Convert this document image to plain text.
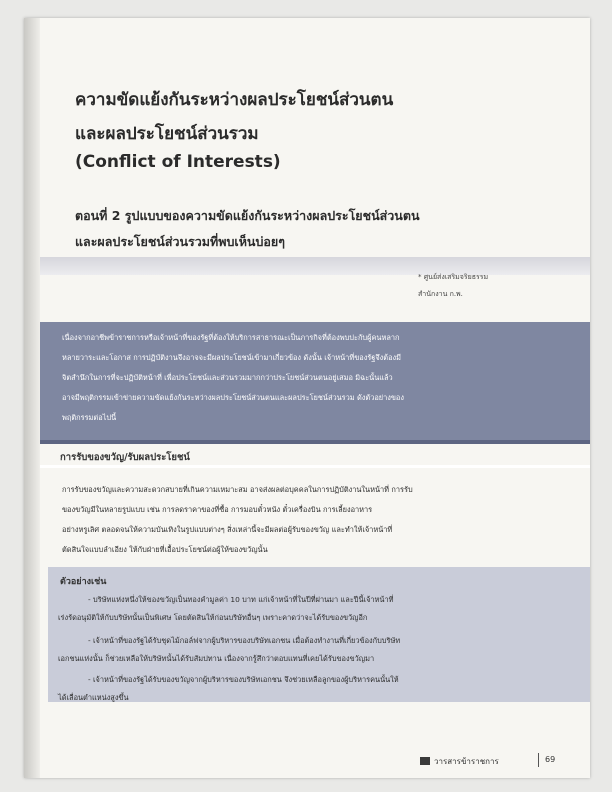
ความขัดแย้งกันระหว่างผลประโยชน์ส่วนตน
และผลประโยชน์ส่วนรวม
(Conflict of Interests)
ตอนที่ 2 รูปแบบของความขัดแย้งกันระหว่างผลประโยชน์ส่วนตน
และผลประโยชน์ส่วนรวมที่พบเห็นบ่อยๆ
* ศูนย์ส่งเสริมจริยธรรม
สำนักงาน ก.พ.
เนื่องจากอาชีพข้าราชการหรือเจ้าหน้าที่ของรัฐที่ต้องให้บริการสาธารณะเป็นภารกิจที่ต้องพบปะกับผู้คนหลาก
หลายวาระและโอกาส การปฏิบัติงานจึงอาจจะมีผลประโยชน์เข้ามาเกี่ยวข้อง ดังนั้น เจ้าหน้าที่ของรัฐจึงต้องมี
จิตสำนึกในการที่จะปฏิบัติหน้าที่ เพื่อประโยชน์และส่วนรวมมากกว่าประโยชน์ส่วนตนอยู่เสมอ มิฉะนั้นแล้ว
อาจมีพฤติกรรมเข้าข่ายความขัดแย้งกันระหว่างผลประโยชน์ส่วนตนและผลประโยชน์ส่วนรวม ดังตัวอย่างของ
พฤติกรรมต่อไปนี้
การรับของขวัญ/รับผลประโยชน์
การรับของขวัญและความสะดวกสบายที่เกินความเหมาะสม อาจส่งผลต่อบุคคลในการปฏิบัติงานในหน้าที่ การรับ
ของขวัญมีในหลายรูปแบบ เช่น การลดราคาของที่ซื้อ การมอบตั๋วหนัง ตั๋วเครื่องบิน การเลี้ยงอาหาร
อย่างหรูเลิศ ตลอดจนให้ความบันเทิงในรูปแบบต่างๆ สิ่งเหล่านี้จะมีผลต่อผู้รับของขวัญ และทำให้เจ้าหน้าที่
ตัดสินใจแบบลำเอียง ให้กับฝ่ายที่เอื้อประโยชน์ต่อผู้ให้ของขวัญนั้น
ตัวอย่างเช่น
- บริษัทแห่งหนึ่งให้ของขวัญเป็นทองคำมูลค่า 10 บาท แก่เจ้าหน้าที่ในปีที่ผ่านมา และปีนี้เจ้าหน้าที่
เร่งรัดอนุมัติให้กับบริษัทนั้นเป็นพิเศษ โดยตัดสินให้ก่อนบริษัทอื่นๆ เพราะคาดว่าจะได้รับของขวัญอีก
- เจ้าหน้าที่ของรัฐได้รับชุดไม้กอล์ฟจากผู้บริหารของบริษัทเอกชน เมื่อต้องทำงานที่เกี่ยวข้องกับบริษัท
เอกชนแห่งนั้น ก็ช่วยเหลือให้บริษัทนั้นได้รับสัมปทาน เนื่องจากรู้สึกว่าตอบแทนที่เคยได้รับของขวัญมา
- เจ้าหน้าที่ของรัฐได้รับของขวัญจากผู้บริหารของบริษัทเอกชน จึงช่วยเหลือลูกของผู้บริหารคนนั้นให้
ได้เลื่อนตำแหน่งสูงขึ้น
วารสารข้าราชการ	69
